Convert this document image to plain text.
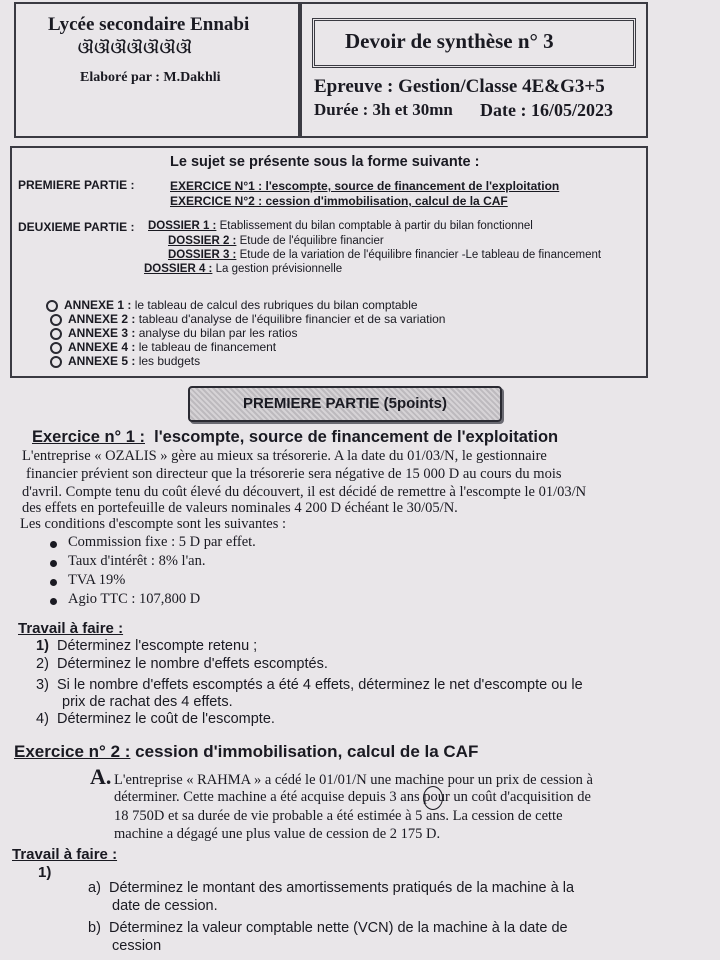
Lycée secondaire Ennabi
ଔଔଔଔଔଔଔ
Elaboré par : M.Dakhli
Devoir de synthèse n° 3
Epreuve : Gestion/Classe 4E&G3+5
Durée : 3h et 30mn Date : 16/05/2023
Le sujet se présente sous la forme suivante :
PREMIERE PARTIE :	EXERCICE N°1 : l'escompte, source de financement de l'exploitation
EXERCICE N°2 : cession d'immobilisation, calcul de la CAF
DEUXIEME PARTIE : DOSSIER 1 : Etablissement du bilan comptable à partir du bilan fonctionnel
DOSSIER 2 : Etude de l'équilibre financier
DOSSIER 3 : Etude de la variation de l'équilibre financier -Le tableau de financement
DOSSIER 4 : La gestion prévisionnelle
ANNEXE 1 : le tableau de calcul des rubriques du bilan comptable
ANNEXE 2 : tableau d'analyse de l'équilibre financier et de sa variation
ANNEXE 3 : analyse du bilan par les ratios
ANNEXE 4 : le tableau de financement
ANNEXE 5 : les budgets
PREMIERE PARTIE (5points)
Exercice n° 1 : l'escompte, source de financement de l'exploitation
L'entreprise « OZALIS » gère au mieux sa trésorerie. A la date du 01/03/N, le gestionnaire
financier prévient son directeur que la trésorerie sera négative de 15 000 D au cours du mois
d'avril. Compte tenu du coût élevé du découvert, il est décidé de remettre à l'escompte le 01/03/N
des effets en portefeuille de valeurs nominales 4 200 D échéant le 30/05/N.
Les conditions d'escompte sont les suivantes :
Commission fixe : 5 D par effet.
Taux d'intérêt : 8% l'an.
TVA 19%
Agio TTC : 107,800 D
Travail à faire :
1) Déterminez l'escompte retenu ;
2) Déterminez le nombre d'effets escomptés.
3) Si le nombre d'effets escomptés a été 4 effets, déterminez le net d'escompte ou le
prix de rachat des 4 effets.
4) Déterminez le coût de l'escompte.
Exercice n° 2 : cession d'immobilisation, calcul de la CAF
A. L'entreprise « RAHMA » a cédé le 01/01/N une machine pour un prix de cession à
déterminer. Cette machine a été acquise depuis 3 ans pour un coût d'acquisition de
18 750D et sa durée de vie probable a été estimée à 5 ans. La cession de cette
machine a dégagé une plus value de cession de 2 175 D.
Travail à faire :
1)
a) Déterminez le montant des amortissements pratiqués de la machine à la
date de cession.
b) Déterminez la valeur comptable nette (VCN) de la machine à la date de
cession
